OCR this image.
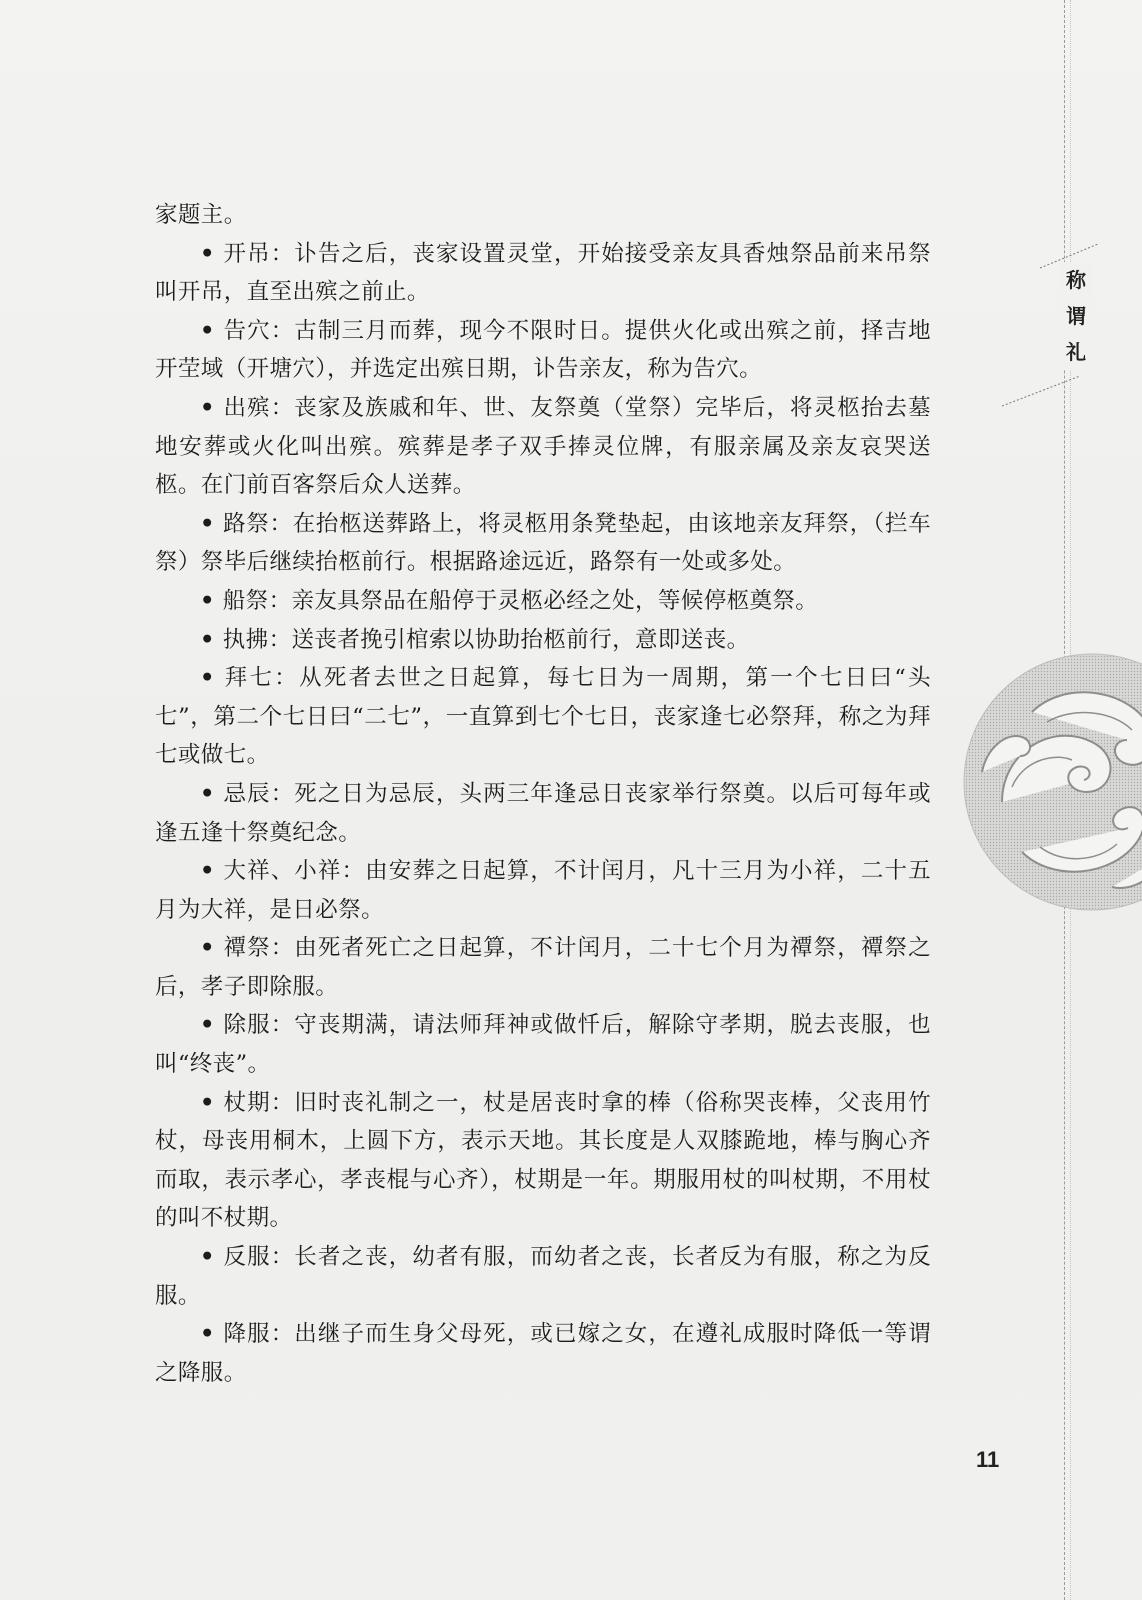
称
谓
礼

家题主。

• 开吊：讣告之后，丧家设置灵堂，开始接受亲友具香烛祭品前来吊祭叫开吊，直至出殡之前止。

• 告穴：古制三月而葬，现今不限时日。提供火化或出殡之前，择吉地开茔域（开塘穴），并选定出殡日期，讣告亲友，称为告穴。

• 出殡：丧家及族戚和年、世、友祭奠（堂祭）完毕后，将灵柩抬去墓地安葬或火化叫出殡。殡葬是孝子双手捧灵位牌，有服亲属及亲友哀哭送柩。在门前百客祭后众人送葬。

• 路祭：在抬柩送葬路上，将灵柩用条凳垫起，由该地亲友拜祭，（拦车祭）祭毕后继续抬柩前行。根据路途远近，路祭有一处或多处。

• 船祭：亲友具祭品在船停于灵柩必经之处，等候停柩奠祭。

• 执拂：送丧者挽引棺索以协助抬柩前行，意即送丧。

• 拜七：从死者去世之日起算，每七日为一周期，第一个七日曰“头七”，第二个七日曰“二七”，一直算到七个七日，丧家逢七必祭拜，称之为拜七或做七。

• 忌辰：死之日为忌辰，头两三年逢忌日丧家举行祭奠。以后可每年或逢五逢十祭奠纪念。

• 大祥、小祥：由安葬之日起算，不计闰月，凡十三月为小祥，二十五月为大祥，是日必祭。

• 禫祭：由死者死亡之日起算，不计闰月，二十七个月为禫祭，禫祭之后，孝子即除服。

• 除服：守丧期满，请法师拜神或做忏后，解除守孝期，脱去丧服，也叫“终丧”。

• 杖期：旧时丧礼制之一，杖是居丧时拿的棒（俗称哭丧棒，父丧用竹杖，母丧用桐木，上圆下方，表示天地。其长度是人双膝跪地，棒与胸心齐而取，表示孝心，孝丧棍与心齐），杖期是一年。期服用杖的叫杖期，不用杖的叫不杖期。

• 反服：长者之丧，幼者有服，而幼者之丧，长者反为有服，称之为反服。

• 降服：出继子而生身父母死，或已嫁之女，在遵礼成服时降低一等谓之降服。

11
